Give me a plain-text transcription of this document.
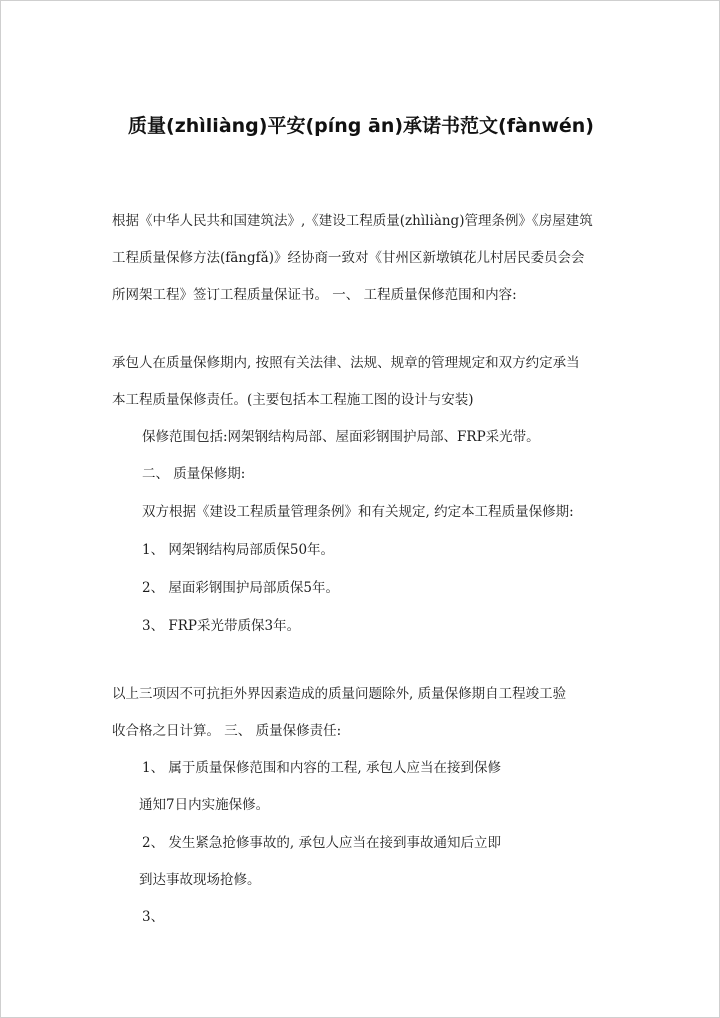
质量(zhìliàng)平安(píng ān)承诺书范文(fànwén)
根据《中华人民共和国建筑法》,《建设工程质量(zhìliàng)管理条例》《房屋建筑
工程质量保修方法(fāngfǎ)》经协商一致对《甘州区新墩镇花儿村居民委员会会
所网架工程》签订工程质量保证书。 一、 工程质量保修范围和内容:
承包人在质量保修期内, 按照有关法律、法规、规章的管理规定和双方约定承当
本工程质量保修责任。(主要包括本工程施工图的设计与安装)
保修范围包括:网架钢结构局部、屋面彩钢围护局部、FRP采光带。
二、 质量保修期:
双方根据《建设工程质量管理条例》和有关规定, 约定本工程质量保修期:
1、 网架钢结构局部质保50年。
2、 屋面彩钢围护局部质保5年。
3、 FRP采光带质保3年。
以上三项因不可抗拒外界因素造成的质量问题除外, 质量保修期自工程竣工验
收合格之日计算。 三、 质量保修责任:
1、 属于质量保修范围和内容的工程, 承包人应当在接到保修
通知7日内实施保修。
2、 发生紧急抢修事故的, 承包人应当在接到事故通知后立即
到达事故现场抢修。
3、
